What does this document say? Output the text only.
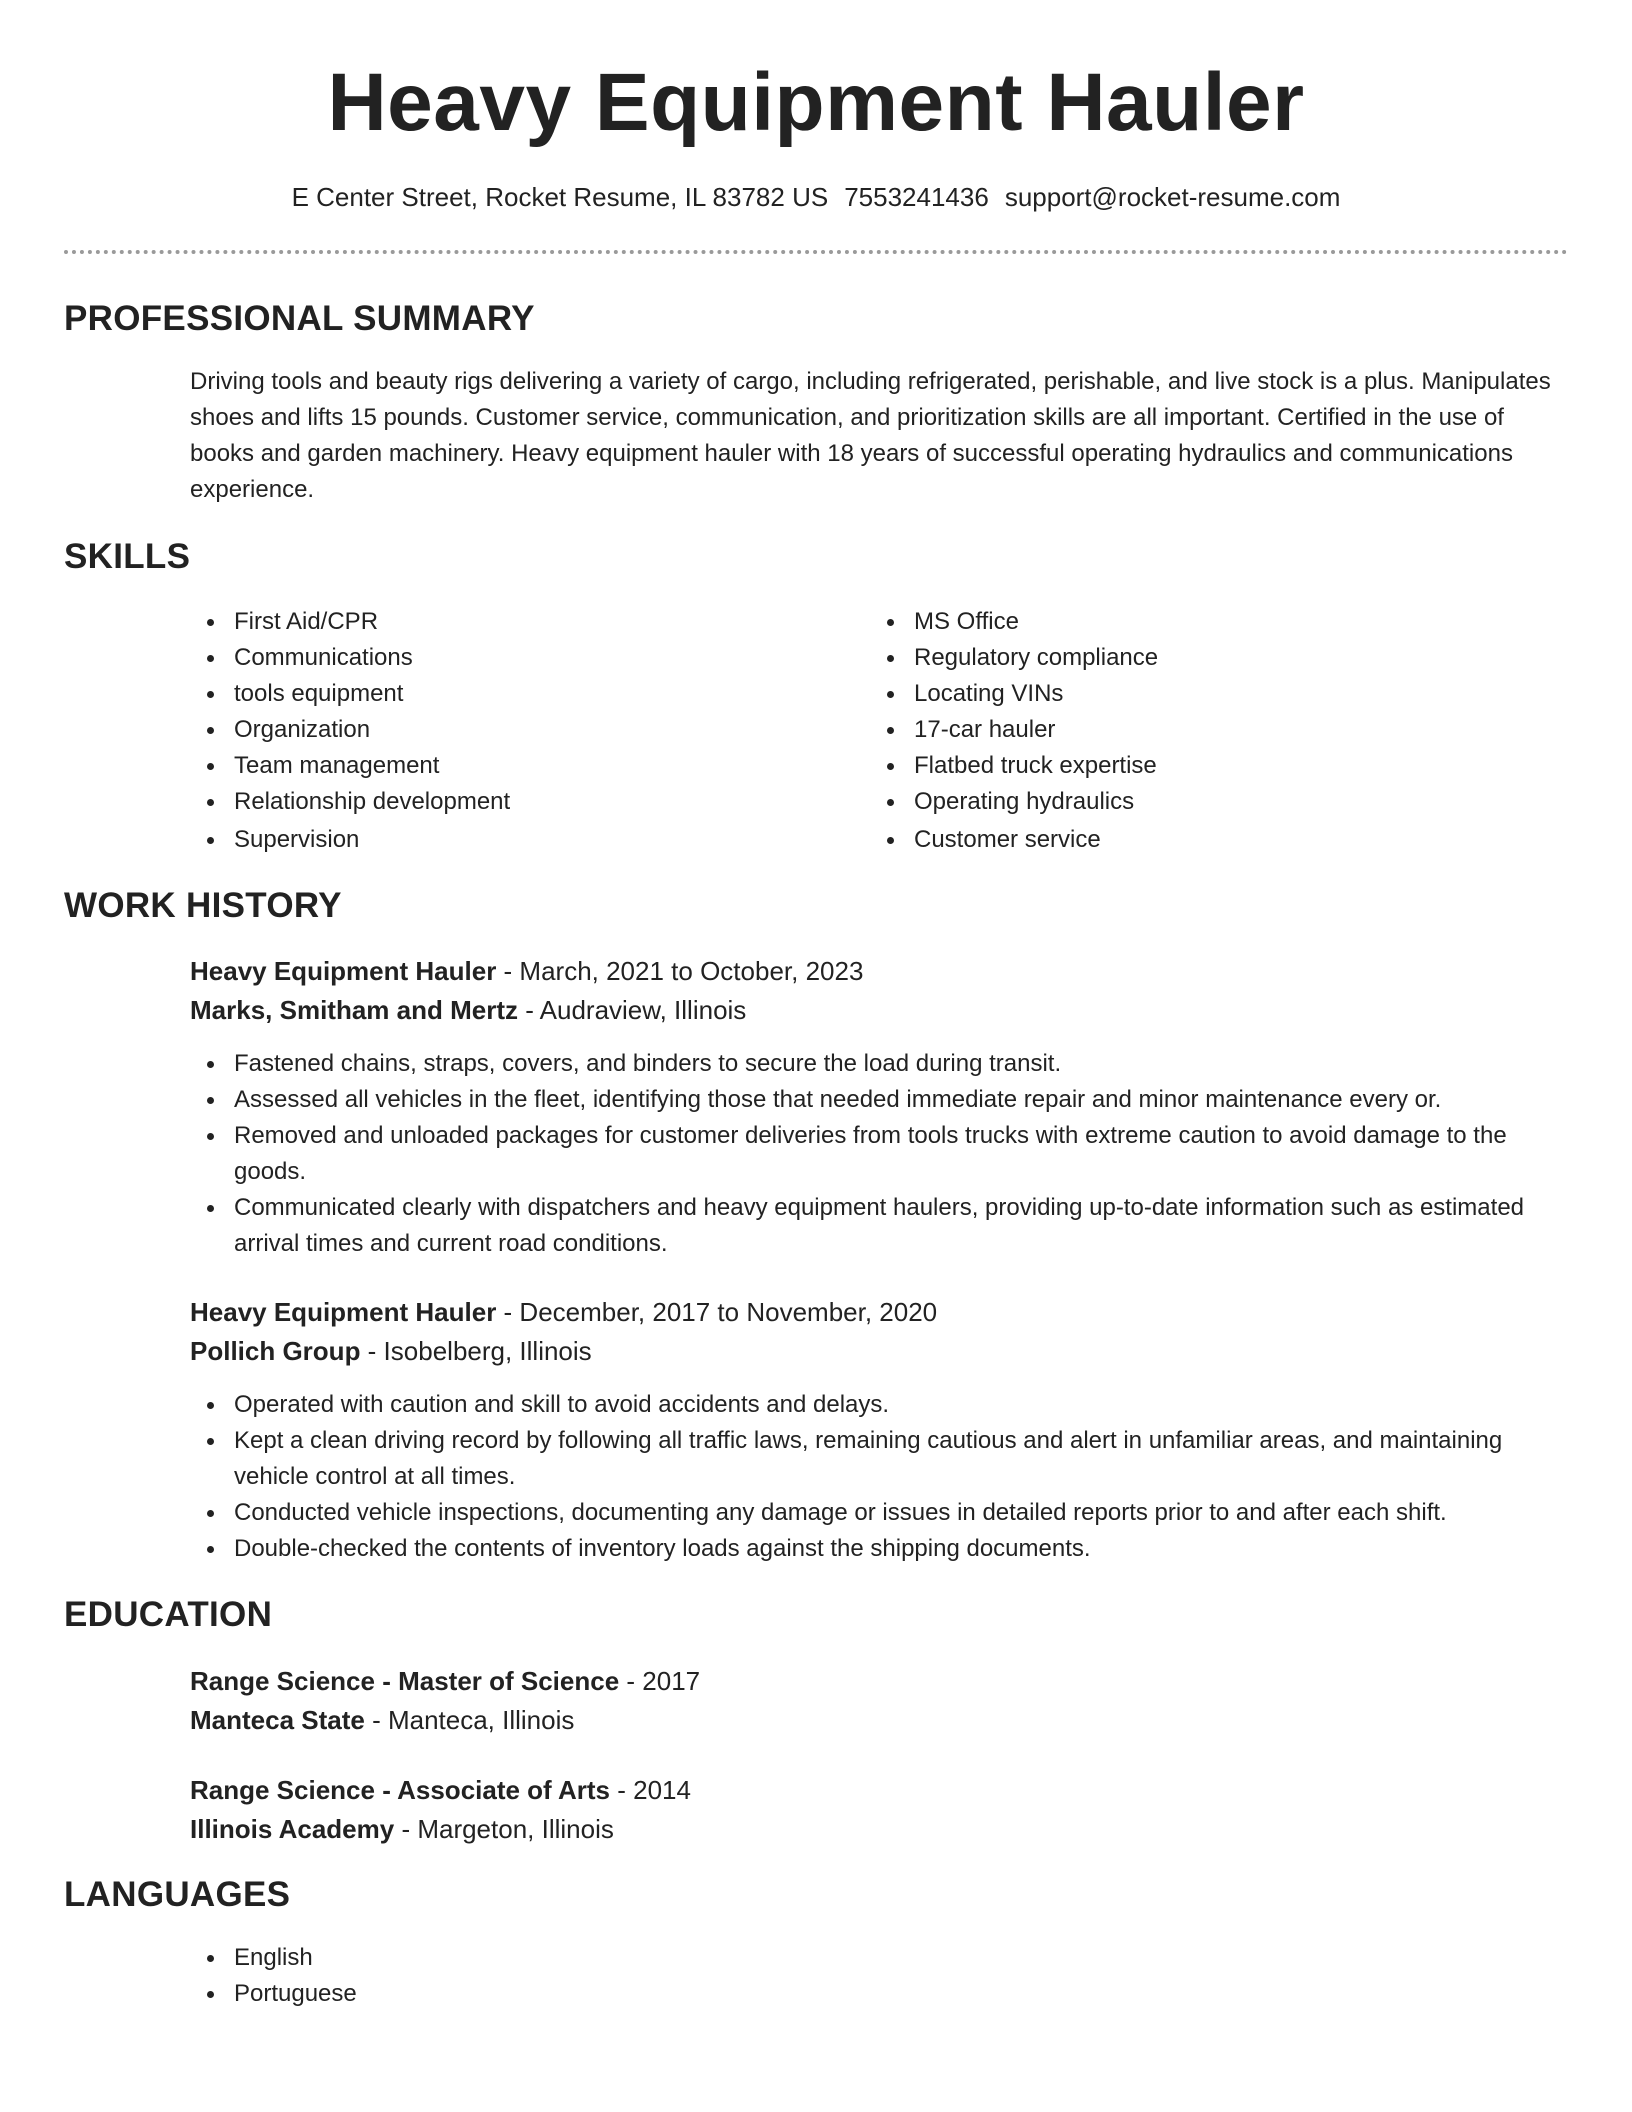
Heavy Equipment Hauler
E Center Street, Rocket Resume, IL 83782 US 7553241436 support@rocket-resume.com
PROFESSIONAL SUMMARY
Driving tools and beauty rigs delivering a variety of cargo, including refrigerated, perishable, and live stock is a plus. Manipulates shoes and lifts 15 pounds. Customer service, communication, and prioritization skills are all important. Certified in the use of books and garden machinery. Heavy equipment hauler with 18 years of successful operating hydraulics and communications experience.
SKILLS
First Aid/CPR
Communications
tools equipment
Organization
Team management
Relationship development
Supervision
MS Office
Regulatory compliance
Locating VINs
17-car hauler
Flatbed truck expertise
Operating hydraulics
Customer service
WORK HISTORY
Heavy Equipment Hauler - March, 2021 to October, 2023
Marks, Smitham and Mertz - Audraview, Illinois
Fastened chains, straps, covers, and binders to secure the load during transit.
Assessed all vehicles in the fleet, identifying those that needed immediate repair and minor maintenance every or.
Removed and unloaded packages for customer deliveries from tools trucks with extreme caution to avoid damage to the goods.
Communicated clearly with dispatchers and heavy equipment haulers, providing up-to-date information such as estimated arrival times and current road conditions.
Heavy Equipment Hauler - December, 2017 to November, 2020
Pollich Group - Isobelberg, Illinois
Operated with caution and skill to avoid accidents and delays.
Kept a clean driving record by following all traffic laws, remaining cautious and alert in unfamiliar areas, and maintaining vehicle control at all times.
Conducted vehicle inspections, documenting any damage or issues in detailed reports prior to and after each shift.
Double-checked the contents of inventory loads against the shipping documents.
EDUCATION
Range Science - Master of Science - 2017
Manteca State - Manteca, Illinois
Range Science - Associate of Arts - 2014
Illinois Academy - Margeton, Illinois
LANGUAGES
English
Portuguese
